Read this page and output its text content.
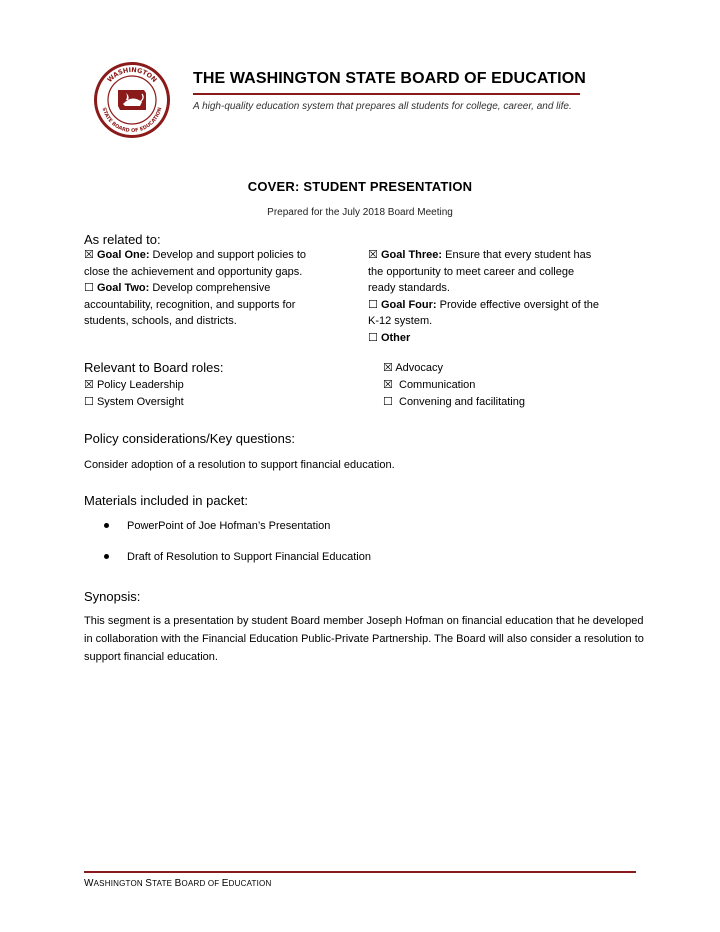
WASHINGTON
STATE BOARD OF EDUCATION
THE WASHINGTON STATE BOARD OF EDUCATION
A high-quality education system that prepares all students for college, career, and life.
COVER: STUDENT PRESENTATION
Prepared for the July 2018 Board Meeting
As related to:
☒ Goal One: Develop and support policies to
close the achievement and opportunity gaps.
☐ Goal Two: Develop comprehensive
accountability, recognition, and supports for
students, schools, and districts.
☒ Goal Three: Ensure that every student has
the opportunity to meet career and college
ready standards.
☐ Goal Four: Provide effective oversight of the
K-12 system.
☐ Other
Relevant to Board roles:
☒ Policy Leadership
☐ System Oversight
☒ Advocacy
☒ Communication
☐ Convening and facilitating
Policy considerations/Key questions:
Consider adoption of a resolution to support financial education.
Materials included in packet:
PowerPoint of Joe Hofman’s Presentation
Draft of Resolution to Support Financial Education
Synopsis:
This segment is a presentation by student Board member Joseph Hofman on financial education that he developed in collaboration with the Financial Education Public-Private Partnership. The Board will also consider a resolution to support financial education.
WASHINGTON STATE BOARD OF EDUCATION
